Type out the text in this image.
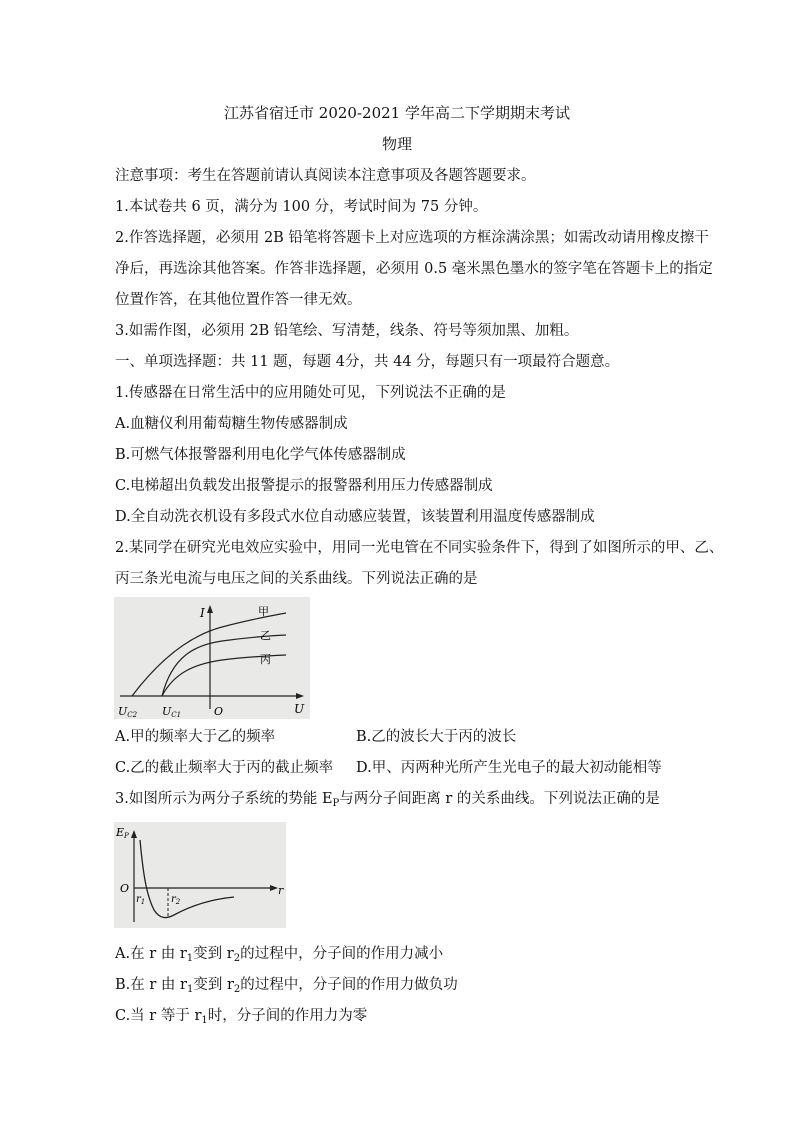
江苏省宿迁市 2020-2021 学年高二下学期期末考试
物理
注意事项：考生在答题前请认真阅读本注意事项及各题答题要求。
1.本试卷共 6 页，满分为 100 分，考试时间为 75 分钟。
2.作答选择题，必须用 2B 铅笔将答题卡上对应选项的方框涂满涂黑；如需改动请用橡皮擦干
净后，再选涂其他答案。作答非选择题，必须用 0.5 毫米黑色墨水的签字笔在答题卡上的指定
位置作答，在其他位置作答一律无效。
3.如需作图，必须用 2B 铅笔绘、写清楚，线条、符号等须加黑、加粗。
一、单项选择题：共 11 题，每题 4分，共 44 分，每题只有一项最符合题意。
1.传感器在日常生活中的应用随处可见，下列说法不正确的是
A.血糖仪利用葡萄糖生物传感器制成
B.可燃气体报警器利用电化学气体传感器制成
C.电梯超出负载发出报警提示的报警器利用压力传感器制成
D.全自动洗衣机设有多段式水位自动感应装置，该装置利用温度传感器制成
2.某同学在研究光电效应实验中，用同一光电管在不同实验条件下，得到了如图所示的甲、乙、
丙三条光电流与电压之间的关系曲线。下列说法正确的是
I
U
O
UC2 UC1
甲
乙
丙
A.甲的频率大于乙的频率	B.乙的波长大于丙的波长
C.乙的截止频率大于丙的截止频率 D.甲、丙两种光所产生光电子的最大初动能相等
3.如图所示为两分子系统的势能 $E_P$与两分子间距离 r 的关系曲线。下列说法正确的是
EP
r
O
$r_1$	$r_2$
A.在 r 由 $r_1$变到 $r_2$的过程中，分子间的作用力减小
B.在 r 由 $r_1$变到 $r_2$的过程中，分子间的作用力做负功
C.当 r 等于 $r_1$时，分子间的作用力为零
